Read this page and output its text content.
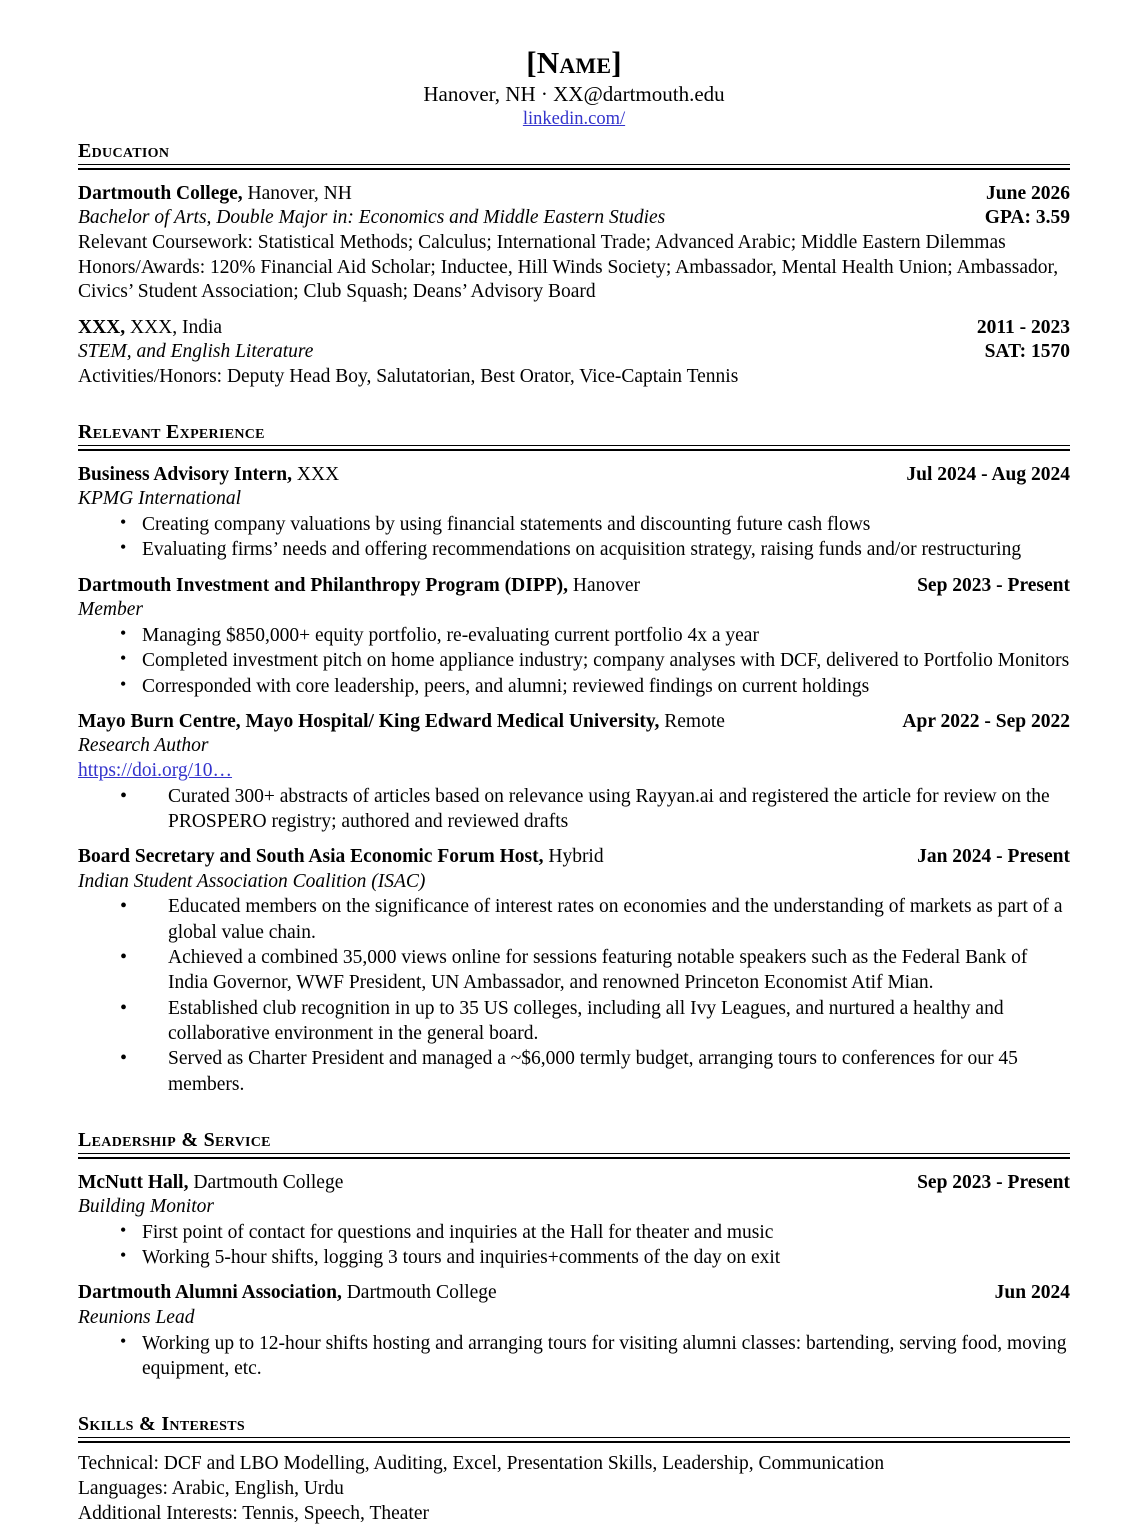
[Name]
Hanover, NH · XX@dartmouth.edu
linkedin.com/
Education
Dartmouth College, Hanover, NH	June 2026
Bachelor of Arts, Double Major in: Economics and Middle Eastern Studies	GPA: 3.59
Relevant Coursework: Statistical Methods; Calculus; International Trade; Advanced Arabic; Middle Eastern Dilemmas
Honors/Awards: 120% Financial Aid Scholar; Inductee, Hill Winds Society; Ambassador, Mental Health Union; Ambassador, Civics’ Student Association; Club Squash; Deans’ Advisory Board
XXX, XXX, India	2011 - 2023
STEM, and English Literature	SAT: 1570
Activities/Honors: Deputy Head Boy, Salutatorian, Best Orator, Vice-Captain Tennis
Relevant Experience
Business Advisory Intern, XXX	Jul 2024 - Aug 2024
KPMG International
• Creating company valuations by using financial statements and discounting future cash flows
• Evaluating firms’ needs and offering recommendations on acquisition strategy, raising funds and/or restructuring
Dartmouth Investment and Philanthropy Program (DIPP), Hanover	Sep 2023 - Present
Member
• Managing $850,000+ equity portfolio, re-evaluating current portfolio 4x a year
• Completed investment pitch on home appliance industry; company analyses with DCF, delivered to Portfolio Monitors
• Corresponded with core leadership, peers, and alumni; reviewed findings on current holdings
Mayo Burn Centre, Mayo Hospital/ King Edward Medical University, Remote	Apr 2022 - Sep 2022
Research Author
https://doi.org/10…
• Curated 300+ abstracts of articles based on relevance using Rayyan.ai and registered the article for review on the PROSPERO registry; authored and reviewed drafts
Board Secretary and South Asia Economic Forum Host, Hybrid	Jan 2024 - Present
Indian Student Association Coalition (ISAC)
• Educated members on the significance of interest rates on economies and the understanding of markets as part of a global value chain.
• Achieved a combined 35,000 views online for sessions featuring notable speakers such as the Federal Bank of India Governor, WWF President, UN Ambassador, and renowned Princeton Economist Atif Mian.
• Established club recognition in up to 35 US colleges, including all Ivy Leagues, and nurtured a healthy and collaborative environment in the general board.
• Served as Charter President and managed a ~$6,000 termly budget, arranging tours to conferences for our 45 members.
Leadership & Service
McNutt Hall, Dartmouth College	Sep 2023 - Present
Building Monitor
• First point of contact for questions and inquiries at the Hall for theater and music
• Working 5-hour shifts, logging 3 tours and inquiries+comments of the day on exit
Dartmouth Alumni Association, Dartmouth College	Jun 2024
Reunions Lead
• Working up to 12-hour shifts hosting and arranging tours for visiting alumni classes: bartending, serving food, moving equipment, etc.
Skills & Interests
Technical: DCF and LBO Modelling, Auditing, Excel, Presentation Skills, Leadership, Communication
Languages: Arabic, English, Urdu
Additional Interests: Tennis, Speech, Theater
